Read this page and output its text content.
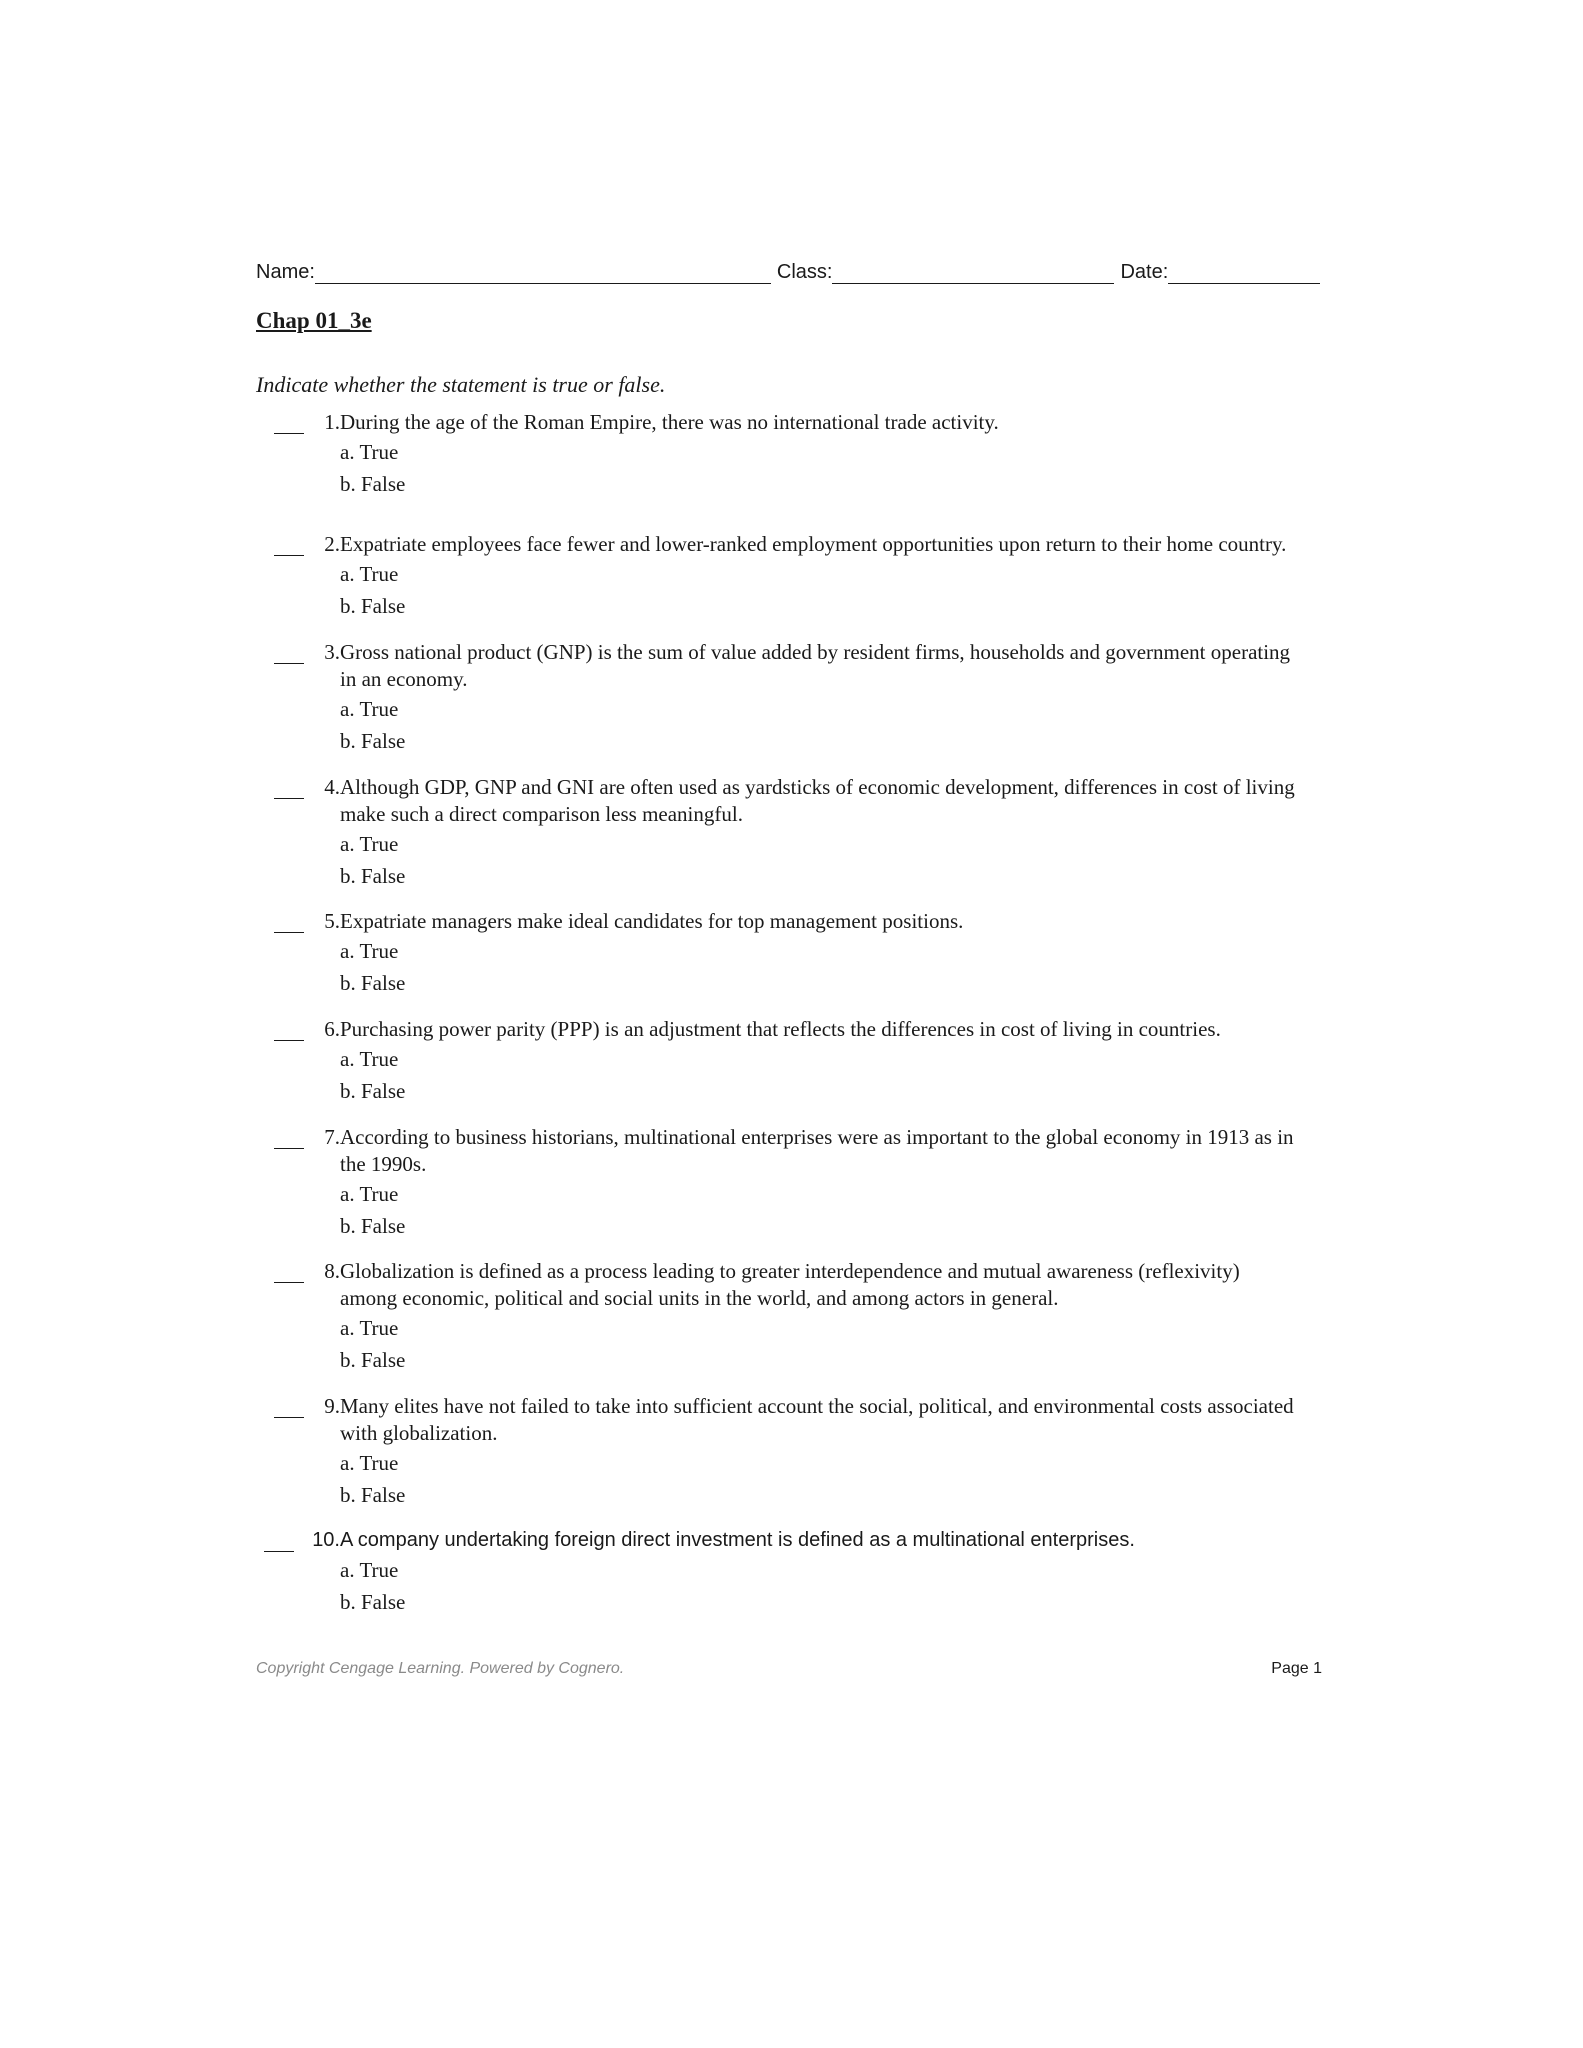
Name:	Class:	Date:
Chap 01_3e
Indicate whether the statement is true or false.
1. During the age of the Roman Empire, there was no international trade activity.
a. True
b. False
2. Expatriate employees face fewer and lower-ranked employment opportunities upon return to their home country.
a. True
b. False
3. Gross national product (GNP) is the sum of value added by resident firms, households and government operating
in an economy.
a. True
b. False
4. Although GDP, GNP and GNI are often used as yardsticks of economic development, differences in cost of living
make such a direct comparison less meaningful.
a. True
b. False
5. Expatriate managers make ideal candidates for top management positions.
a. True
b. False
6. Purchasing power parity (PPP) is an adjustment that reflects the differences in cost of living in countries.
a. True
b. False
7. According to business historians, multinational enterprises were as important to the global economy in 1913 as in
the 1990s.
a. True
b. False
8. Globalization is defined as a process leading to greater interdependence and mutual awareness (reflexivity)
among economic, political and social units in the world, and among actors in general.
a. True
b. False
9. Many elites have not failed to take into sufficient account the social, political, and environmental costs associated
with globalization.
a. True
b. False
10. A company undertaking foreign direct investment is defined as a multinational enterprises.
a. True
b. False
Copyright Cengage Learning. Powered by Cognero.	Page 1
